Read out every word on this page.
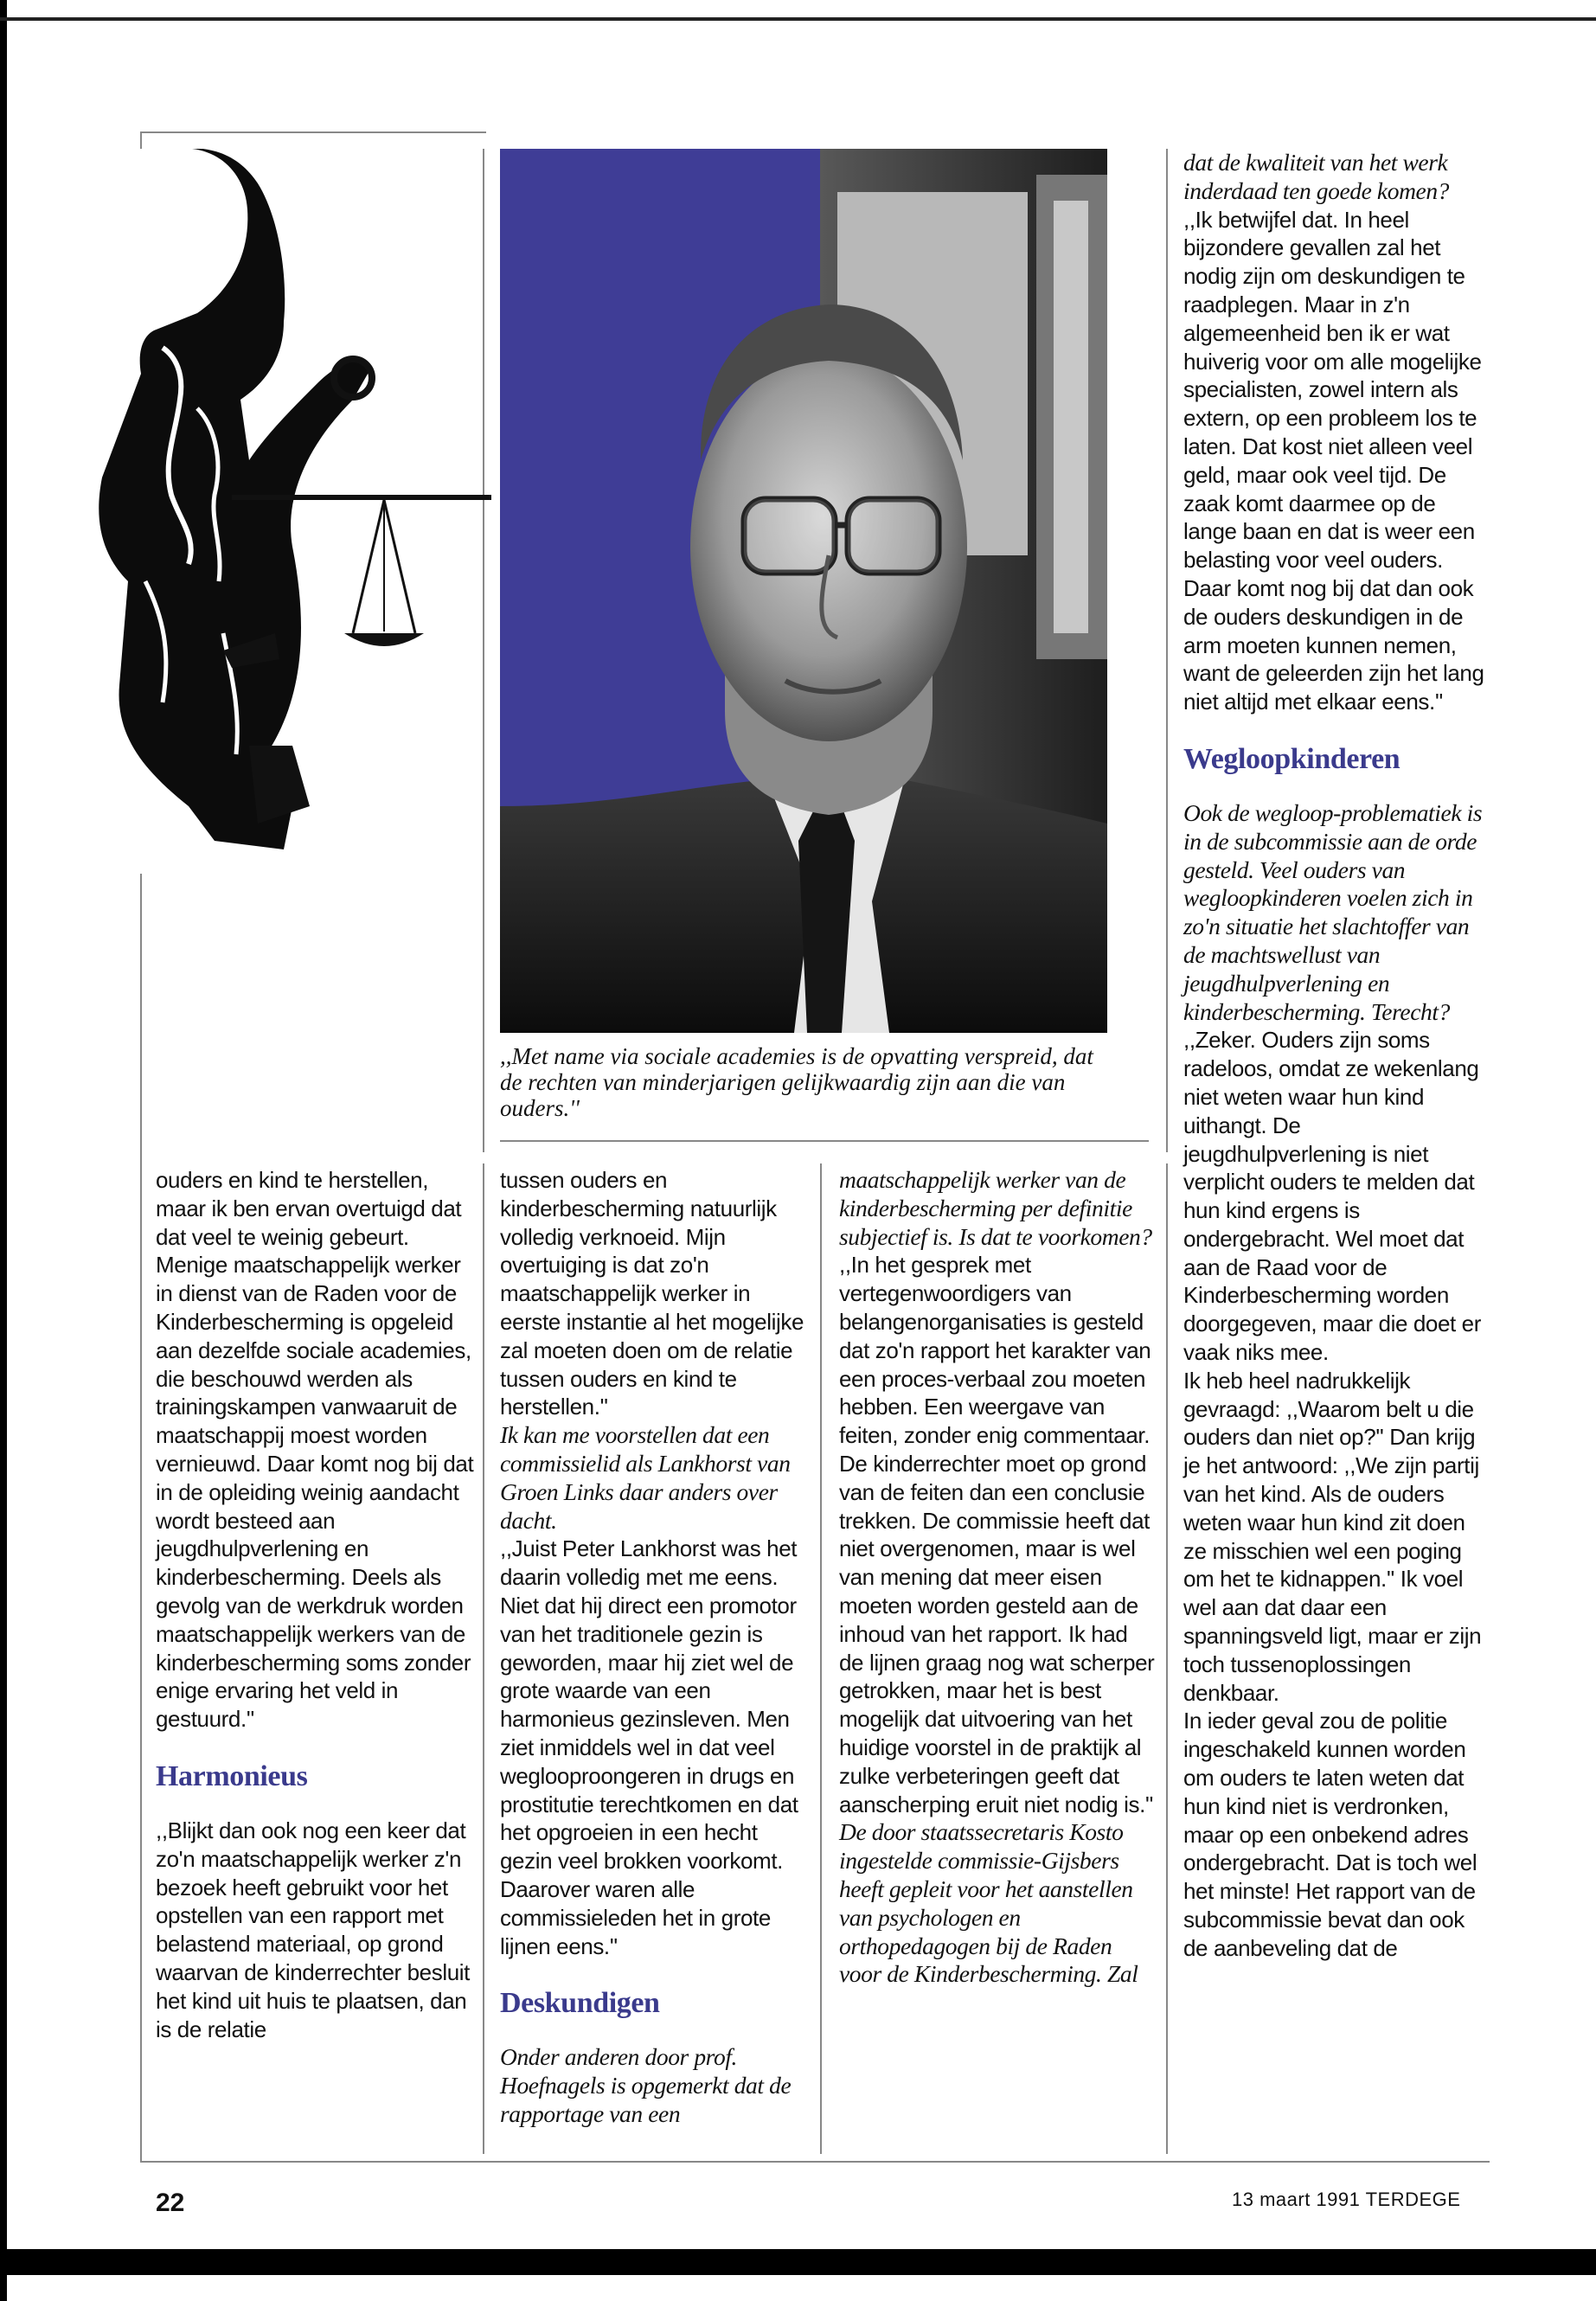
,,Met name via sociale academies is de opvatting verspreid, dat de rechten van minderjarigen gelijkwaardig zijn aan die van ouders.''

ouders en kind te herstellen, maar ik ben ervan overtuigd dat dat veel te weinig gebeurt. Menige maatschappelijk werker in dienst van de Raden voor de Kinderbescherming is opgeleid aan dezelfde sociale academies, die beschouwd werden als trainingskampen vanwaaruit de maatschappij moest worden vernieuwd. Daar komt nog bij dat in de opleiding weinig aandacht wordt besteed aan jeugdhulpverlening en kinderbescherming. Deels als gevolg van de werkdruk worden maatschappelijk werkers van de kinderbescherming soms zonder enige ervaring het veld in gestuurd.''

Harmonieus

,,Blijkt dan ook nog een keer dat zo'n maatschappelijk werker z'n bezoek heeft gebruikt voor het opstellen van een rapport met belastend materiaal, op grond waarvan de kinderrechter besluit het kind uit huis te plaatsen, dan is de relatie

tussen ouders en kinderbescherming natuurlijk volledig verknoeid. Mijn overtuiging is dat zo'n maatschappelijk werker in eerste instantie al het mogelijke zal moeten doen om de relatie tussen ouders en kind te herstellen.''

Ik kan me voorstellen dat een commissielid als Lankhorst van Groen Links daar anders over dacht.

,,Juist Peter Lankhorst was het daarin volledig met me eens. Niet dat hij direct een promotor van het traditionele gezin is geworden, maar hij ziet wel de grote waarde van een harmonieus gezinsleven. Men ziet inmiddels wel in dat veel weglooproongeren in drugs en prostitutie terechtkomen en dat het opgroeien in een hecht gezin veel brokken voorkomt. Daarover waren alle commissieleden het in grote lijnen eens.''

Deskundigen

Onder anderen door prof. Hoefnagels is opgemerkt dat de rapportage van een

maatschappelijk werker van de kinderbescherming per definitie subjectief is. Is dat te voorkomen?

,,In het gesprek met vertegenwoordigers van belangenorganisaties is gesteld dat zo'n rapport het karakter van een proces-verbaal zou moeten hebben. Een weergave van feiten, zonder enig commentaar. De kinderrechter moet op grond van de feiten dan een conclusie trekken. De commissie heeft dat niet overgenomen, maar is wel van mening dat meer eisen moeten worden gesteld aan de inhoud van het rapport. Ik had de lijnen graag nog wat scherper getrokken, maar het is best mogelijk dat uitvoering van het huidige voorstel in de praktijk al zulke verbeteringen geeft dat aanscherping eruit niet nodig is.''

De door staatssecretaris Kosto ingestelde commissie-Gijsbers heeft gepleit voor het aanstellen van psychologen en orthopedagogen bij de Raden voor de Kinderbescherming. Zal

dat de kwaliteit van het werk inderdaad ten goede komen?

,,Ik betwijfel dat. In heel bijzondere gevallen zal het nodig zijn om deskundigen te raadplegen. Maar in z'n algemeenheid ben ik er wat huiverig voor om alle mogelijke specialisten, zowel intern als extern, op een probleem los te laten. Dat kost niet alleen veel geld, maar ook veel tijd. De zaak komt daarmee op de lange baan en dat is weer een belasting voor veel ouders. Daar komt nog bij dat dan ook de ouders deskundigen in de arm moeten kunnen nemen, want de geleerden zijn het lang niet altijd met elkaar eens.''

Wegloopkinderen

Ook de wegloop-problematiek is in de subcommissie aan de orde gesteld. Veel ouders van wegloopkinderen voelen zich in zo'n situatie het slachtoffer van de machtswellust van jeugdhulpverlening en kinderbescherming. Terecht?

,,Zeker. Ouders zijn soms radeloos, omdat ze wekenlang niet weten waar hun kind uithangt. De jeugdhulpverlening is niet verplicht ouders te melden dat hun kind ergens is ondergebracht. Wel moet dat aan de Raad voor de Kinderbescherming worden doorgegeven, maar die doet er vaak niks mee.

Ik heb heel nadrukkelijk gevraagd: ,,Waarom belt u die ouders dan niet op?'' Dan krijg je het antwoord: ,,We zijn partij van het kind. Als de ouders weten waar hun kind zit doen ze misschien wel een poging om het te kidnappen.'' Ik voel wel aan dat daar een spanningsveld ligt, maar er zijn toch tussenoplossingen denkbaar.

In ieder geval zou de politie ingeschakeld kunnen worden om ouders te laten weten dat hun kind niet is verdronken, maar op een onbekend adres ondergebracht. Dat is toch wel het minste! Het rapport van de subcommissie bevat dan ook de aanbeveling dat de

22	13 maart 1991 TERDEGE
